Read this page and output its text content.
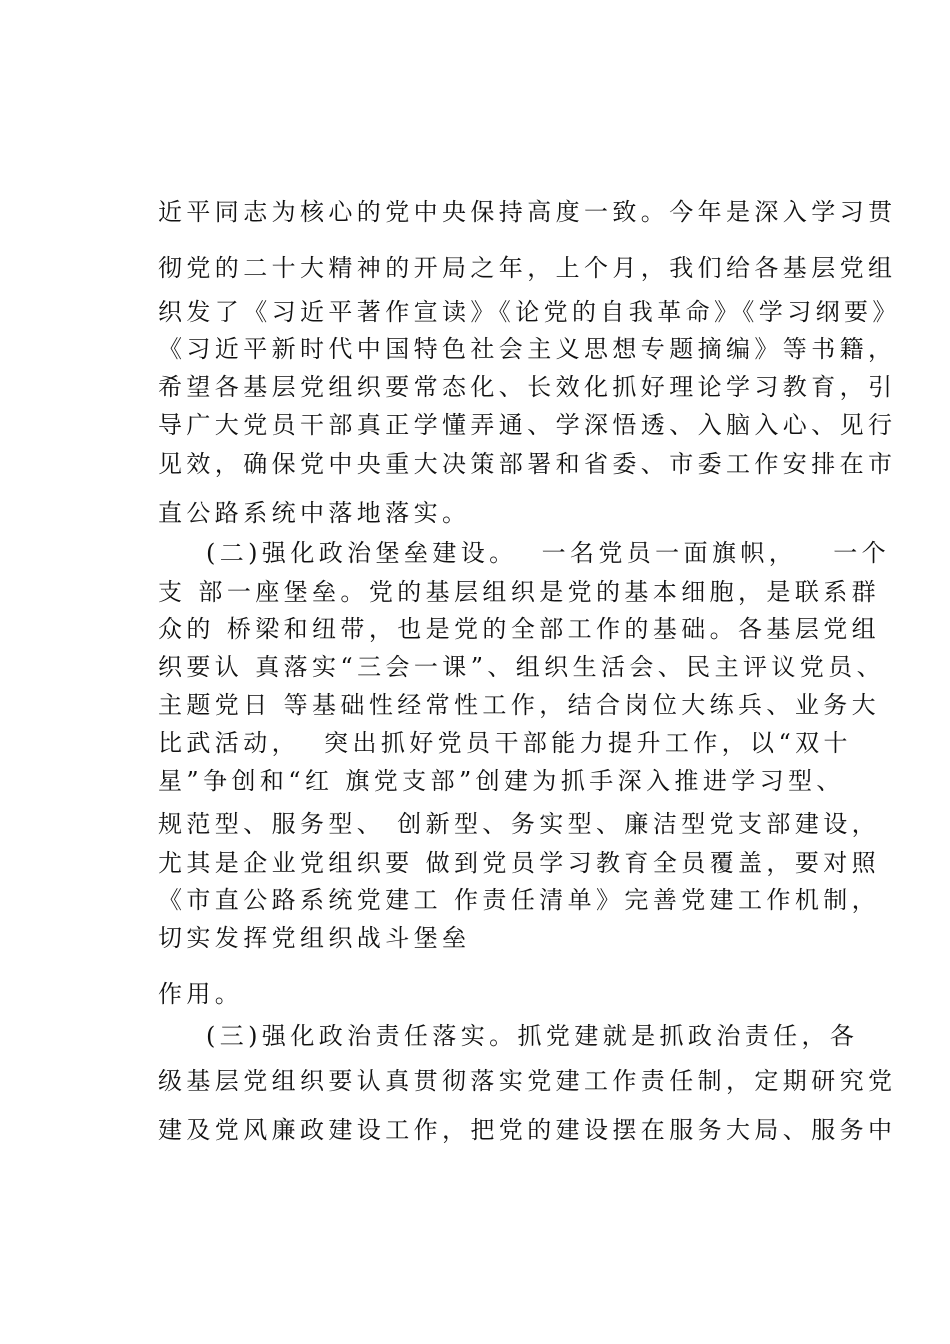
近平同志为核心的党中央保持高度一致。今年是深入学习贯
彻党的二十大精神的开局之年，上个月，我们给各基层党组
织发了《习近平著作宣读》《论党的自我革命》《学习纲要》
《习近平新时代中国特色社会主义思想专题摘编》等书籍，
希望各基层党组织要常态化、长效化抓好理论学习教育，引
导广大党员干部真正学懂弄通、学深悟透、入脑入心、见行
见效，确保党中央重大决策部署和省委、市委工作安排在市
直公路系统中落地落实。
(二)强化政治堡垒建设。  一名党员一面旗帜，   一个
支 部一座堡垒。党的基层组织是党的基本细胞，是联系群
众的 桥梁和纽带，也是党的全部工作的基础。各基层党组
织要认 真落实“三会一课”、组织生活会、民主评议党员、
主题党日 等基础性经常性工作，结合岗位大练兵、业务大
比武活动，  突出抓好党员干部能力提升工作，以“双十
星”争创和“红 旗党支部”创建为抓手深入推进学习型、
规范型、服务型、 创新型、务实型、廉洁型党支部建设，
尤其是企业党组织要 做到党员学习教育全员覆盖，要对照
《市直公路系统党建工 作责任清单》完善党建工作机制，
切实发挥党组织战斗堡垒
作用。
(三)强化政治责任落实。抓党建就是抓政治责任，各
级基层党组织要认真贯彻落实党建工作责任制，定期研究党
建及党风廉政建设工作，把党的建设摆在服务大局、服务中
